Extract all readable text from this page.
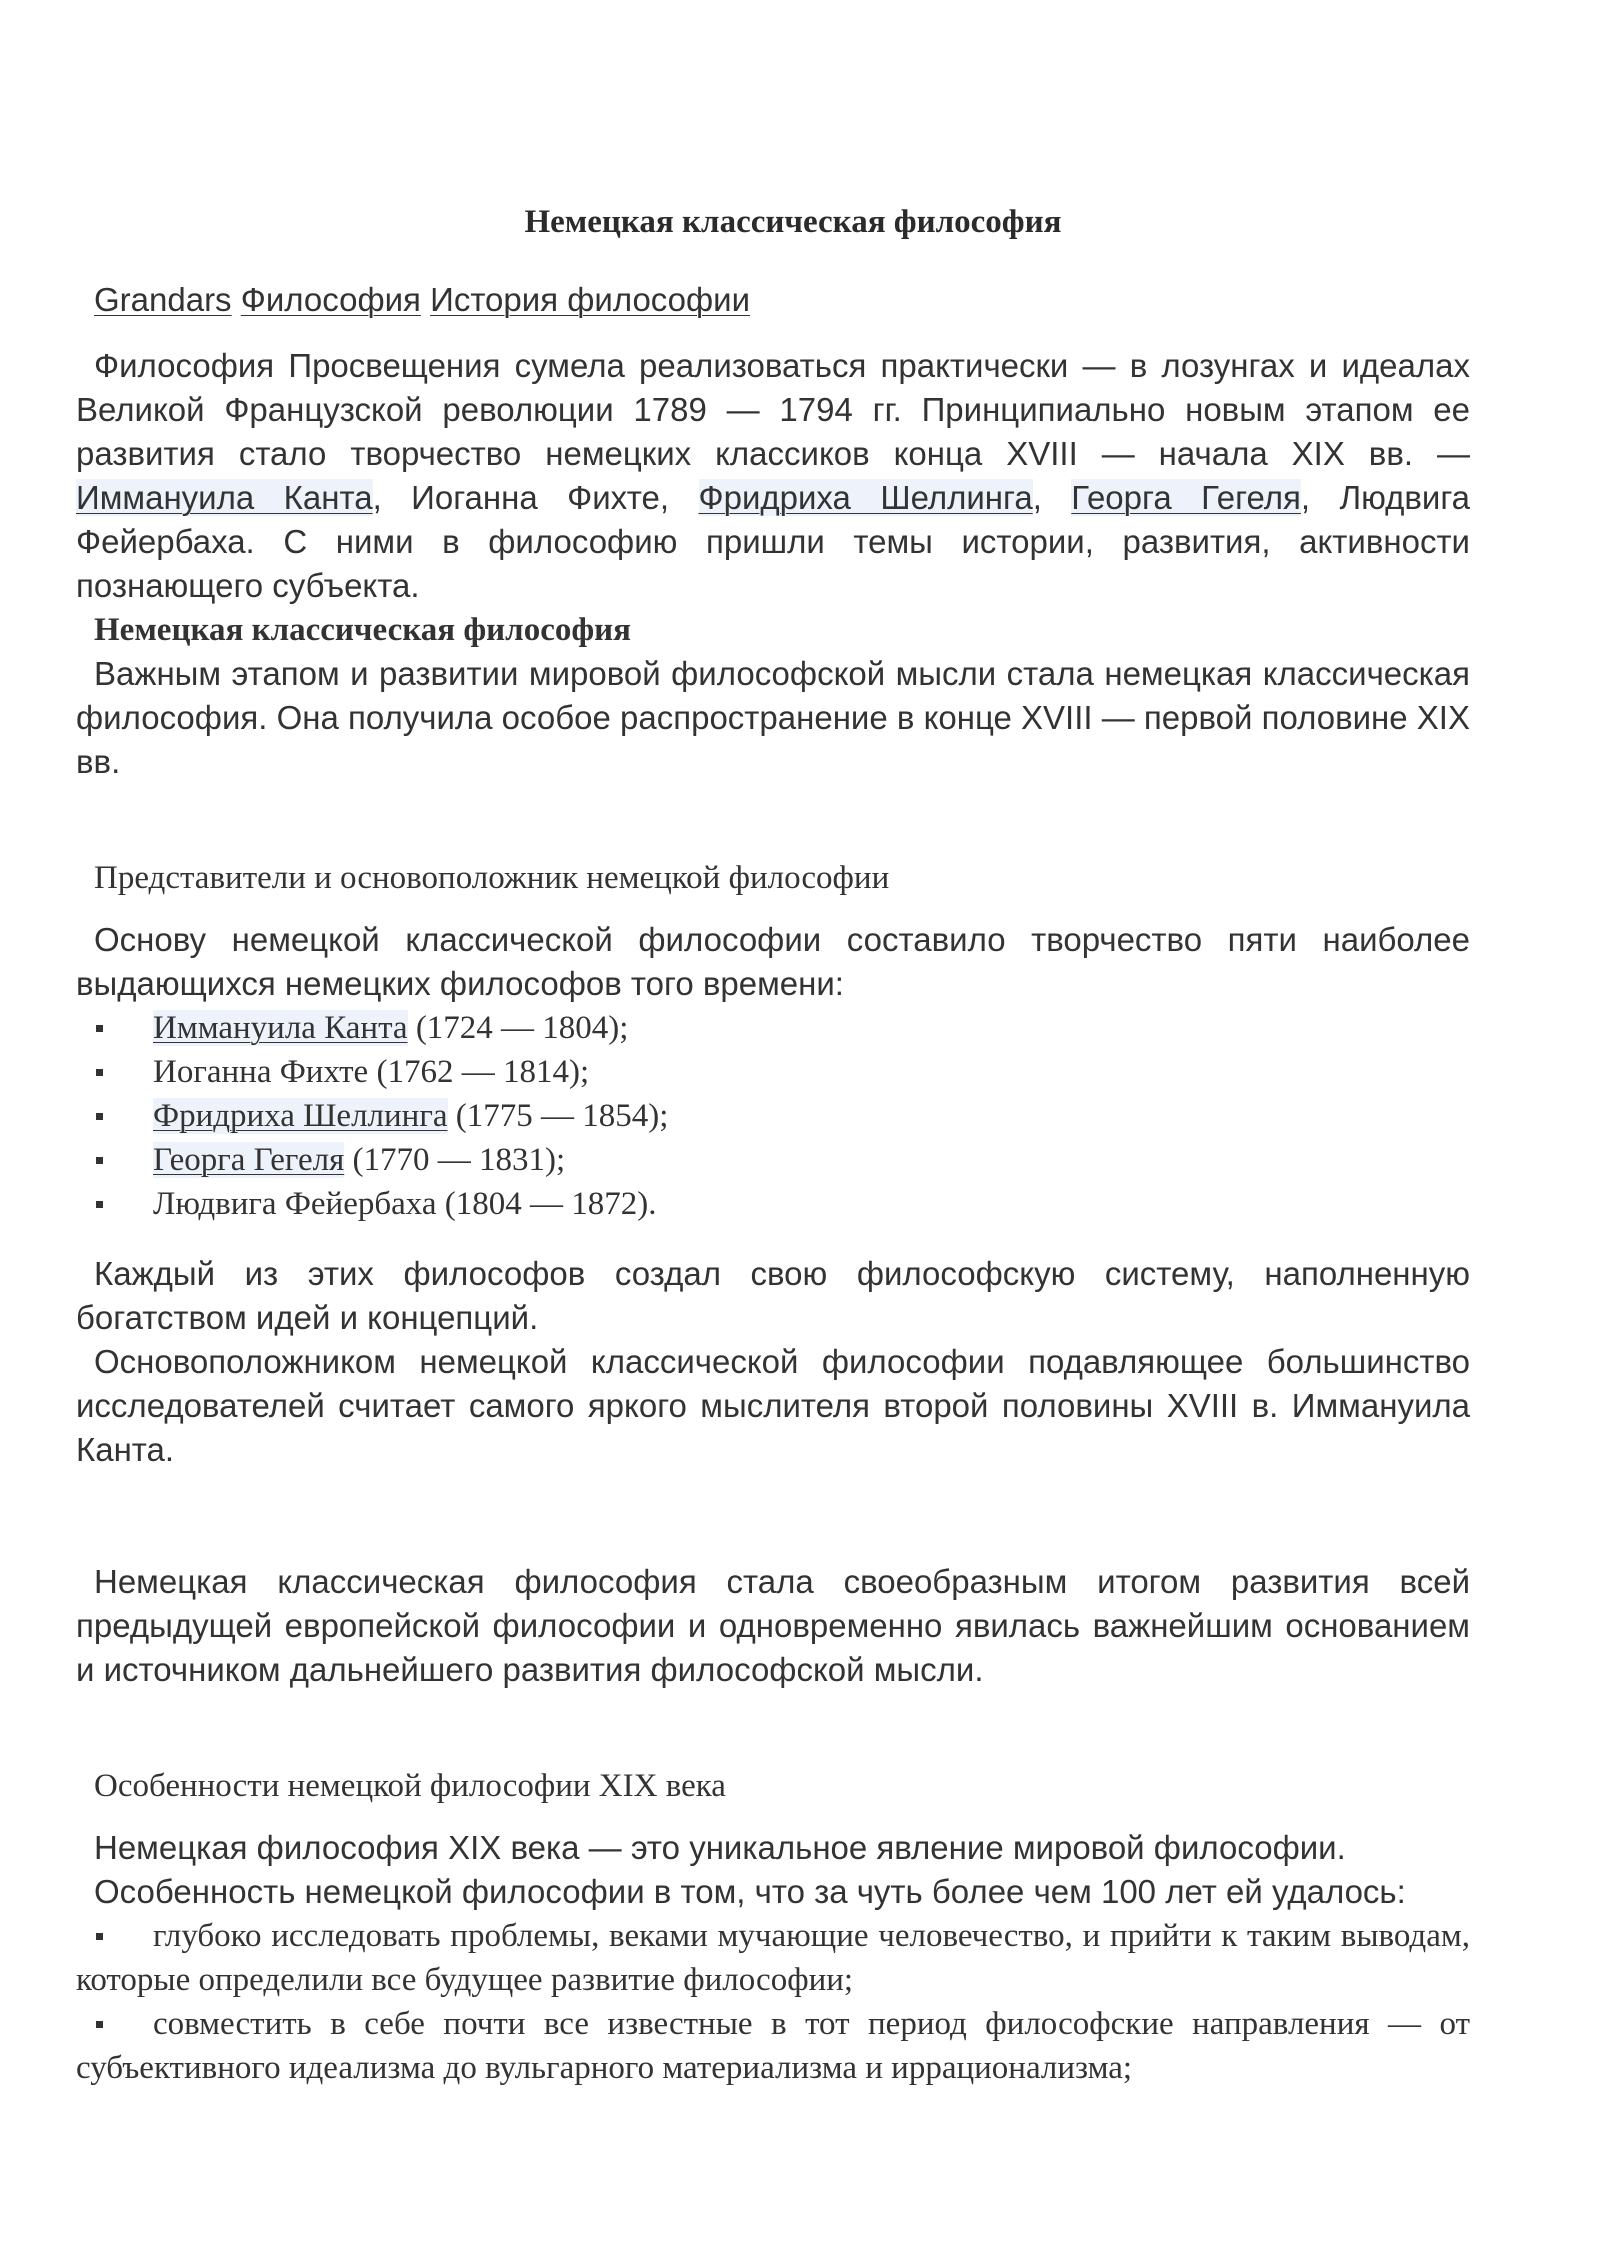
Немецкая классическая философия
Grandars Философия История философии

Философия Просвещения сумела реализоваться практически — в лозунгах и идеалах Великой Французской революции 1789 — 1794 гг. Принципиально новым этапом ее развития стало творчество немецких классиков конца XVIII — начала XIX вв. — Иммануила Канта, Иоганна Фихте, Фридриха Шеллинга, Георга Гегеля, Людвига Фейербаха. С ними в философию пришли темы истории, развития, активности познающего субъекта.

Немецкая классическая философия

Важным этапом и развитии мировой философской мысли стала немецкая классическая философия. Она получила особое распространение в конце XVIII — первой половине XIX вв.

Представители и основоположник немецкой философии

Основу немецкой классической философии составило творчество пяти наиболее выдающихся немецких философов того времени:

Иммануила Канта (1724 — 1804);
Иоганна Фихте (1762 — 1814);
Фридриха Шеллинга (1775 — 1854);
Георга Гегеля (1770 — 1831);
Людвига Фейербаха (1804 — 1872).

Каждый из этих философов создал свою философскую систему, наполненную богатством идей и концепций.

Основоположником немецкой классической философии подавляющее большинство исследователей считает самого яркого мыслителя второй половины XVIII в. Иммануила Канта.

Немецкая классическая философия стала своеобразным итогом развития всей предыдущей европейской философии и одновременно явилась важнейшим основанием и источником дальнейшего развития философской мысли.

Особенности немецкой философии XIX века

Немецкая философия XIX века — это уникальное явление мировой философии.

Особенность немецкой философии в том, что за чуть более чем 100 лет ей удалось:

глубоко исследовать проблемы, веками мучающие человечество, и прийти к таким выводам, которые определили все будущее развитие философии;
совместить в себе почти все известные в тот период философские направления — от субъективного идеализма до вульгарного материализма и иррационализма;
